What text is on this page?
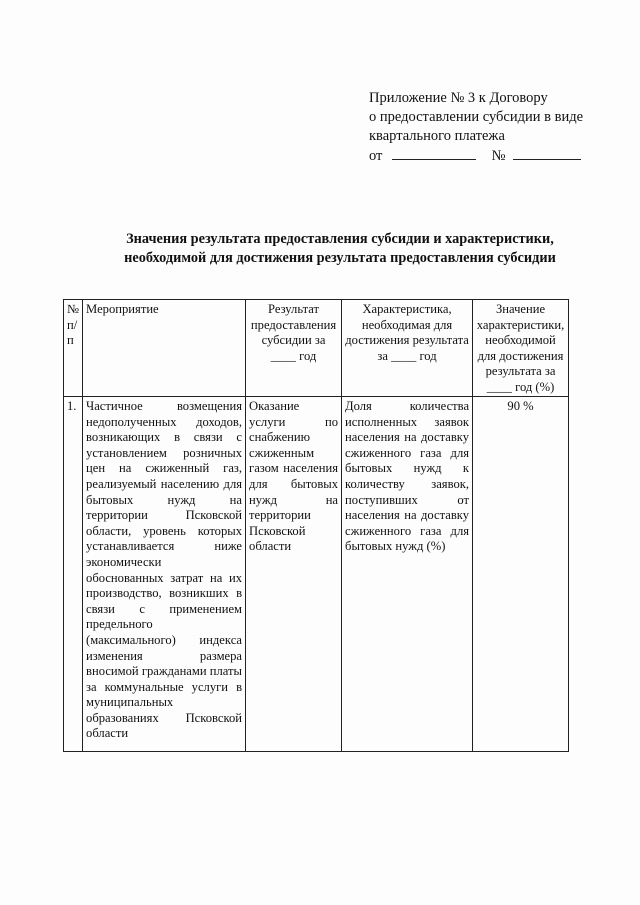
Приложение № 3 к Договору
о предоставлении субсидии в виде
квартального платежа
от	№
Значения результата предоставления субсидии и характеристики,
необходимой для достижения результата предоставления субсидии
№ п/п	Мероприятие	Результат предоставления субсидии за ____ год	Характеристика, необходимая для достижения результата за ____ год	Значение характеристики, необходимой для достижения результата за ____ год (%)
1.	Частичное возмещения недополученных доходов, возникающих в связи с установлением розничных цен на сжиженный газ, реализуемый населению для бытовых нужд на территории Псковской области, уровень которых устанавливается ниже экономически обоснованных затрат на их производство, возникших в связи с применением предельного (максимального) индекса изменения размера вносимой гражданами платы за коммунальные услуги в муниципальных образованиях Псковской области	Оказание услуги по снабжению сжиженным газом населения для бытовых нужд на территории Псковской области	Доля количества исполненных заявок населения на доставку сжиженного газа для бытовых нужд к количеству заявок, поступивших от населения на доставку сжиженного газа для бытовых нужд (%)	90 %
